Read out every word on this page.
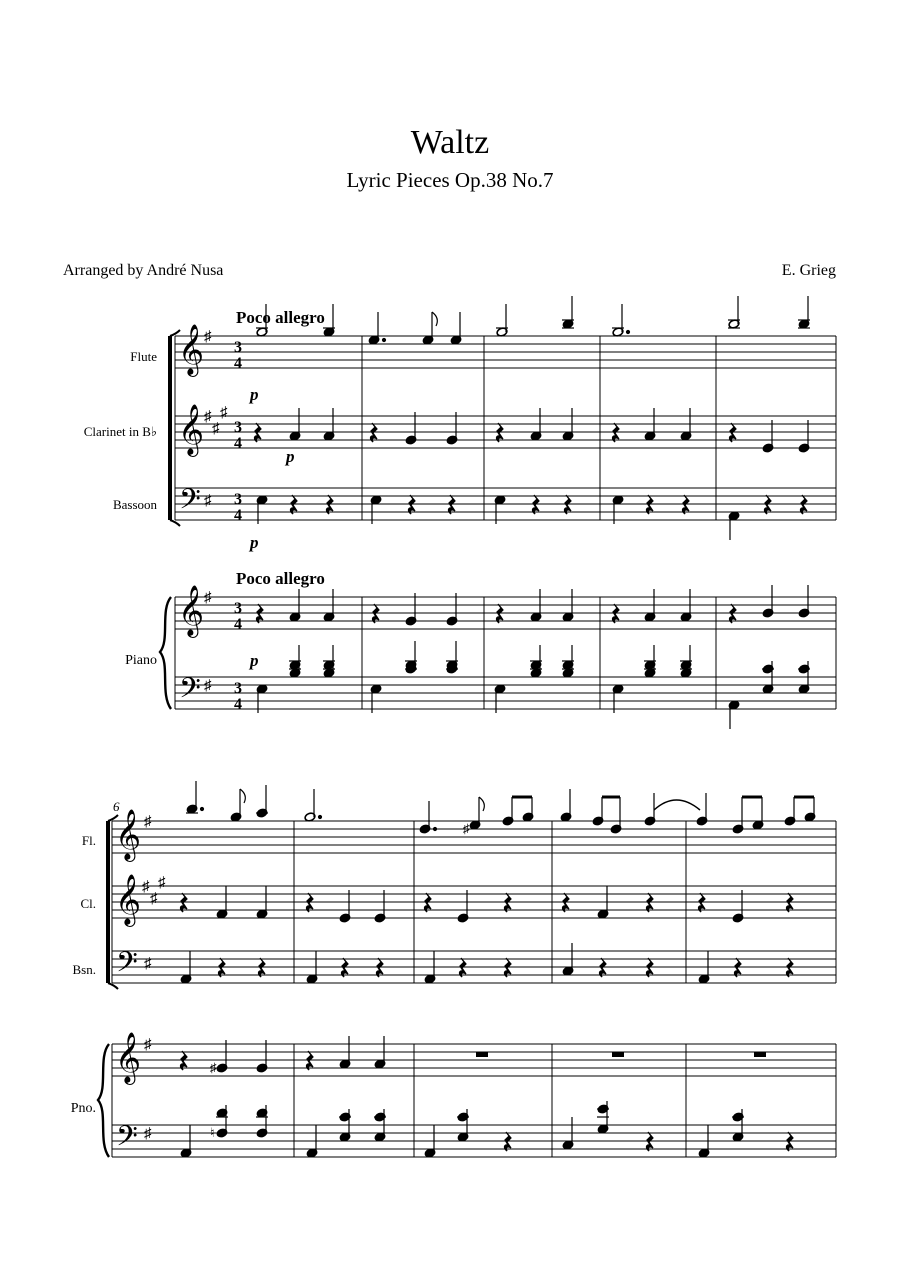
Waltz
Lyric Pieces Op.38 No.7
Arranged by André Nusa	E. Grieg
Poco allegro
Poco allegro
Flute
Clarinet in B♭
Bassoon
Piano
𝄞
𝄞
𝄢
𝄞
𝄢
♯
♯
♯
♯
♯
♯
♯
3
4
3
4
3
4
3
4
3
4
p
p
p
p
6
Fl.
Cl.
Bsn.
Pno.
𝄞
𝄞
𝄢
𝄞
𝄢
♯
♯
♯
♯
♯
♯
♯
♯
♯
♮
